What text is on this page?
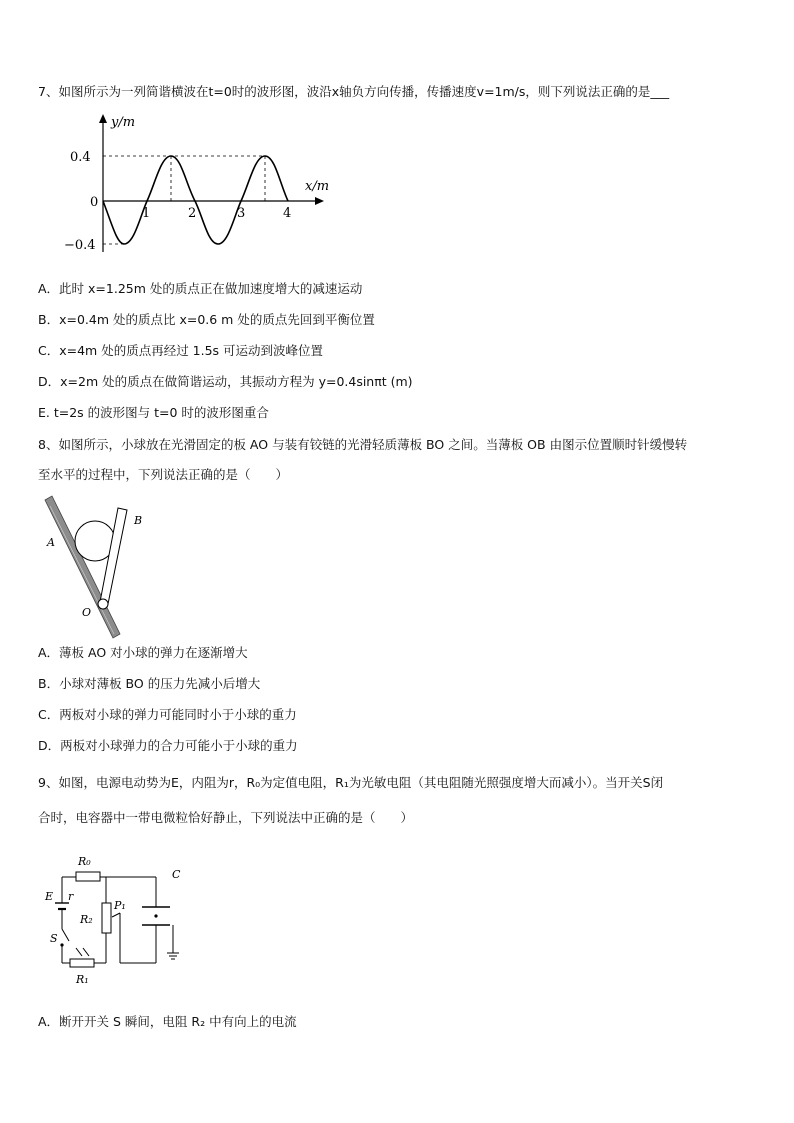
7、如图所示为一列简谐横波在t=0时的波形图，波沿x轴负方向传播，传播速度v=1m/s，则下列说法正确的是___
y/m
x/m
0.4
0
−0.4
1	2	3	4
A．此时 x=1.25m 处的质点正在做加速度增大的减速运动
B．x=0.4m 处的质点比 x=0.6 m 处的质点先回到平衡位置
C．x=4m 处的质点再经过 1.5s 可运动到波峰位置
D．x=2m 处的质点在做简谐运动，其振动方程为 y=0.4sinπt (m)
E. t=2s 的波形图与 t=0 时的波形图重合
8、如图所示，小球放在光滑固定的板 AO 与装有铰链的光滑轻质薄板 BO 之间。当薄板 OB 由图示位置顺时针缓慢转
至水平的过程中，下列说法正确的是（　　）
A
B
O
A．薄板 AO 对小球的弹力在逐渐增大
B．小球对薄板 BO 的压力先减小后增大
C．两板对小球的弹力可能同时小于小球的重力
D．两板对小球弹力的合力可能小于小球的重力
9、如图，电源电动势为E，内阻为r，R₀为定值电阻，R₁为光敏电阻（其电阻随光照强度增大而减小）。当开关S闭
合时，电容器中一带电微粒恰好静止，下列说法中正确的是（　　）
R₀
E r
R₂
P₁
C
S
R₁
A．断开开关 S 瞬间，电阻 R₂ 中有向上的电流
